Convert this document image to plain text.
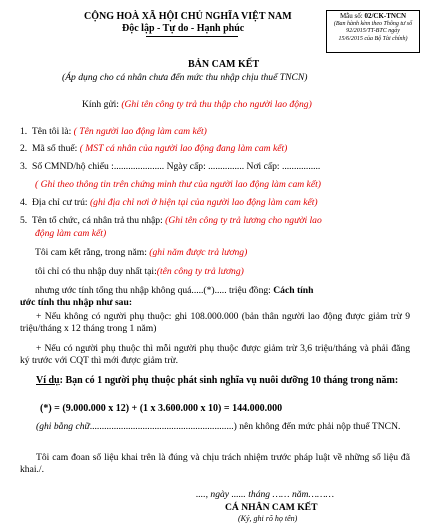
CỘNG HOÀ XÃ HỘI CHỦ NGHĨA VIỆT NAM
Độc lập - Tự do - Hạnh phúc
Mẫu số: 02/CK-TNCN
(Ban hành kèm theo Thông tư số
92/2015/TT-BTC ngày
15/6/2015 của Bộ Tài chính)
BẢN CAM KẾT
(Áp dụng cho cá nhân chưa đến mức thu nhập chịu thuế TNCN)
Kính gửi: (Ghi tên công ty trả thu thập cho người lao động)
1. Tên tôi là: ( Tên người lao động làm cam kết)
2. Mã số thuế: ( MST cá nhân của người lao động đang làm cam kết)
3. Số CMND/hộ chiếu :..................... Ngày cấp: ............... Nơi cấp: ................
( Ghi theo thông tin trên chứng minh thư của người lao động làm cam kết)
4. Địa chỉ cư trú: (ghi địa chỉ nơi ở hiện tại của người lao động làm cam kết)
5. Tên tổ chức, cá nhân trả thu nhập: (Ghi tên công ty trả lương cho người lao
động làm cam kết)
Tôi cam kết rằng, trong năm: (ghi năm được trả lương)
tôi chỉ có thu nhập duy nhất tại:(tên công ty trả lương)
nhưng ước tính tổng thu nhập không quá.....(*)..... triệu đồng: Cách tính
ước tính thu nhập như sau:
+ Nếu không có người phụ thuộc: ghi 108.000.000 (bản thân người lao động được giảm trừ 9 triệu/tháng x 12 tháng trong 1 năm)
+ Nếu có người phụ thuộc thì mỗi người phụ thuộc được giảm trừ 3,6 triệu/tháng và phải đăng ký trước với CQT thì mới được giảm trừ.
Ví dụ: Bạn có 1 người phụ thuộc phát sinh nghĩa vụ nuôi dưỡng 10 tháng trong năm:
(*) = (9.000.000 x 12) + (1 x 3.600.000 x 10) = 144.000.000
(ghi bằng chữ............................................................) nên không đến mức phải nộp thuế TNCN.
Tôi cam đoan số liệu khai trên là đúng và chịu trách nhiệm trước pháp luật về những số liệu đã khai./.
...., ngày ...... tháng …… năm………
CÁ NHÂN CAM KẾT
(Ký, ghi rõ họ tên)
